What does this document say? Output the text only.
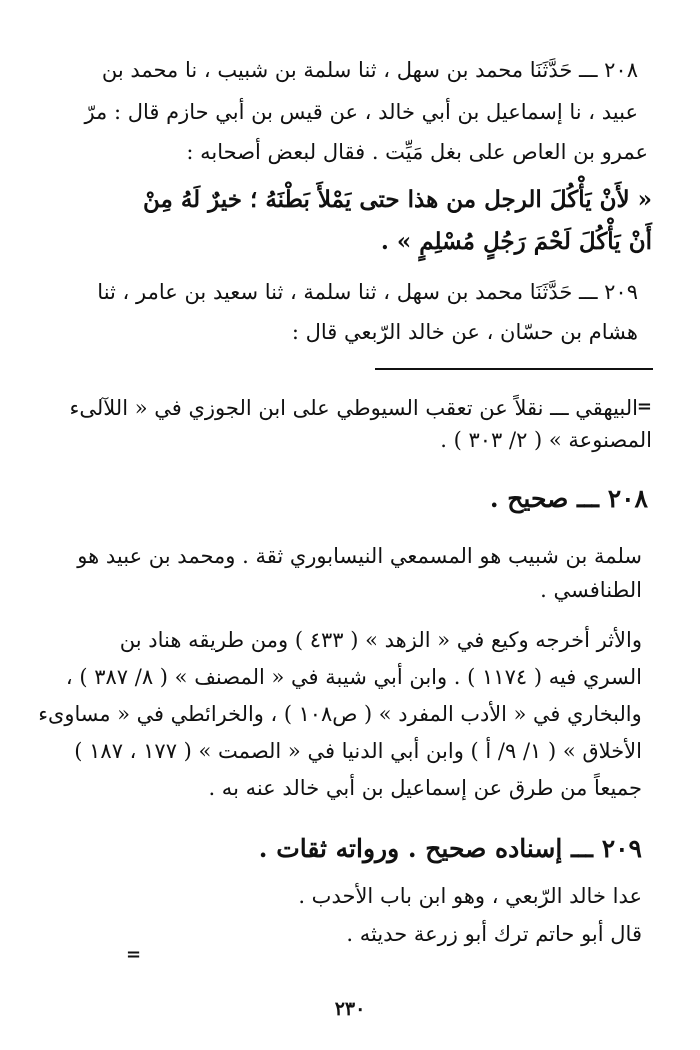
٢٠٨ ـــ حَدَّثَنَا محمد بن سهل ، ثنا سلمة بن شبيب ، نا محمد بن
عبيد ، نا إسماعيل بن أبي خالد ، عن قيس بن أبي حازم قال : مرّ
عمرو بن العاص على بغل مَيِّت . فقال لبعض أصحابه :
« لأَنْ يَأْكُلَ الرجل من هذا حتى يَمْلأَ بَطْنَهُ ؛ خيرٌ لَهُ مِنْ
أَنْ يَأْكُلَ لَحْمَ رَجُلٍ مُسْلِمٍ » .
٢٠٩ ـــ حَدَّثَنَا محمد بن سهل ، ثنا سلمة ، ثنا سعيد بن عامر ، ثنا
هشام بن حسّان ، عن خالد الرّبعي قال :
=
البيهقي ـــ نقلاً عن تعقب السيوطي على ابن الجوزي في « اللآلىء
المصنوعة » ( ٢/ ٣٠٣ ) .
٢٠٨ ـــ صحيح .
سلمة بن شبيب هو المسمعي النيسابوري ثقة . ومحمد بن عبيد هو
الطنافسي .
والأثر أخرجه وكيع في « الزهد » ( ٤٣٣ ) ومن طريقه هناد بن
السري فيه ( ١١٧٤ ) . وابن أبي شيبة في « المصنف » ( ٨/ ٣٨٧ ) ،
والبخاري في « الأدب المفرد » ( ص١٠٨ ) ، والخرائطي في « مساوىء
الأخلاق » ( ١/ ٩/ أ ) وابن أبي الدنيا في « الصمت » ( ١٧٧ ، ١٨٧ )
جميعاً من طرق عن إسماعيل بن أبي خالد عنه به .
٢٠٩ ـــ إسناده صحيح . ورواته ثقات .
عدا خالد الرّبعي ، وهو ابن باب الأحدب .
قال أبو حاتم ترك أبو زرعة حديثه .
=
٢٣٠
